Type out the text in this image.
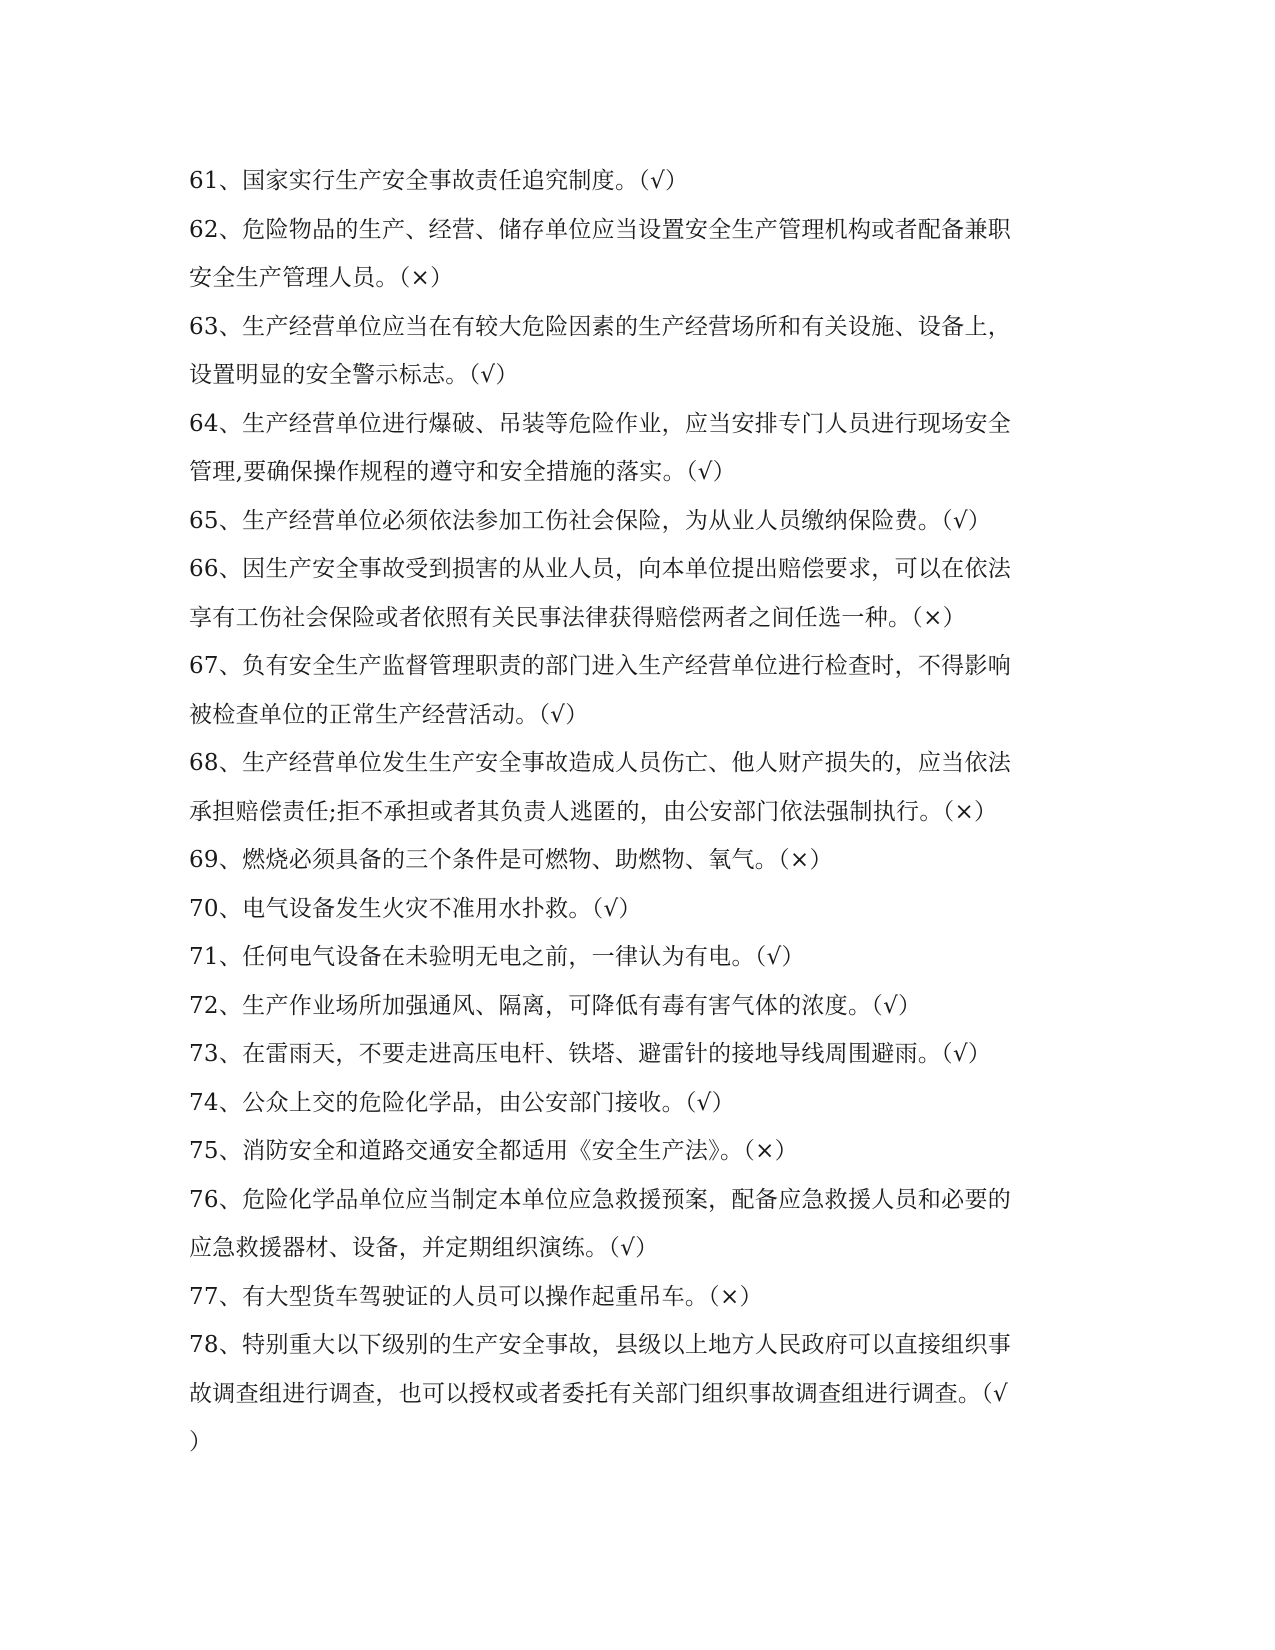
61、国家实行生产安全事故责任追究制度。（√）
62、危险物品的生产、经营、储存单位应当设置安全生产管理机构或者配备兼职
安全生产管理人员。（×）
63、生产经营单位应当在有较大危险因素的生产经营场所和有关设施、设备上，
设置明显的安全警示标志。（√）
64、生产经营单位进行爆破、吊装等危险作业，应当安排专门人员进行现场安全
管理,要确保操作规程的遵守和安全措施的落实。（√）
65、生产经营单位必须依法参加工伤社会保险，为从业人员缴纳保险费。（√）
66、因生产安全事故受到损害的从业人员，向本单位提出赔偿要求，可以在依法
享有工伤社会保险或者依照有关民事法律获得赔偿两者之间任选一种。（×）
67、负有安全生产监督管理职责的部门进入生产经营单位进行检查时，不得影响
被检查单位的正常生产经营活动。（√）
68、生产经营单位发生生产安全事故造成人员伤亡、他人财产损失的，应当依法
承担赔偿责任;拒不承担或者其负责人逃匿的，由公安部门依法强制执行。（×）
69、燃烧必须具备的三个条件是可燃物、助燃物、氧气。（×）
70、电气设备发生火灾不准用水扑救。（√）
71、任何电气设备在未验明无电之前，一律认为有电。（√）
72、生产作业场所加强通风、隔离，可降低有毒有害气体的浓度。（√）
73、在雷雨天，不要走进高压电杆、铁塔、避雷针的接地导线周围避雨。（√）
74、公众上交的危险化学品，由公安部门接收。（√）
75、消防安全和道路交通安全都适用《安全生产法》。（×）
76、危险化学品单位应当制定本单位应急救援预案，配备应急救援人员和必要的
应急救援器材、设备，并定期组织演练。（√）
77、有大型货车驾驶证的人员可以操作起重吊车。（×）
78、特别重大以下级别的生产安全事故，县级以上地方人民政府可以直接组织事
故调查组进行调查，也可以授权或者委托有关部门组织事故调查组进行调查。（√
）
